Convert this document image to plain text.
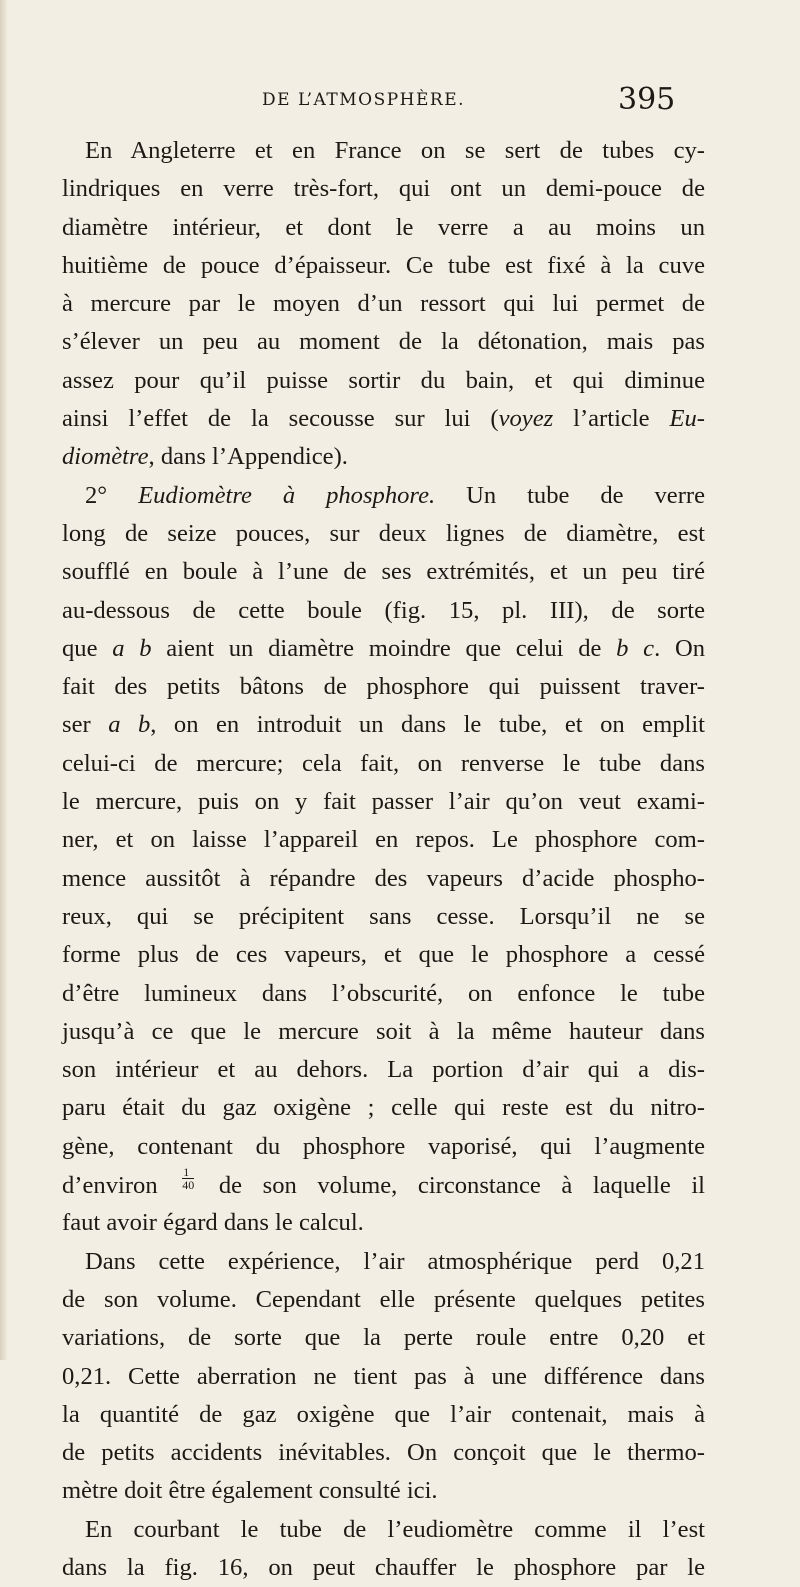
DE L’ATMOSPHÈRE.	395
En Angleterre et en France on se sert de tubes cy-
lindriques en verre très-fort, qui ont un demi-pouce de
diamètre intérieur, et dont le verre a au moins un
huitième de pouce d’épaisseur. Ce tube est fixé à la cuve
à mercure par le moyen d’un ressort qui lui permet de
s’élever un peu au moment de la détonation, mais pas
assez pour qu’il puisse sortir du bain, et qui diminue
ainsi l’effet de la secousse sur lui (voyez l’article Eu-
diomètre, dans l’Appendice).
2° Eudiomètre à phosphore. Un tube de verre
long de seize pouces, sur deux lignes de diamètre, est
soufflé en boule à l’une de ses extrémités, et un peu tiré
au-dessous de cette boule (fig. 15, pl. III), de sorte
que a b aient un diamètre moindre que celui de b c. On
fait des petits bâtons de phosphore qui puissent traver-
ser a b, on en introduit un dans le tube, et on emplit
celui-ci de mercure; cela fait, on renverse le tube dans
le mercure, puis on y fait passer l’air qu’on veut exami-
ner, et on laisse l’appareil en repos. Le phosphore com-
mence aussitôt à répandre des vapeurs d’acide phospho-
reux, qui se précipitent sans cesse. Lorsqu’il ne se
forme plus de ces vapeurs, et que le phosphore a cessé
d’être lumineux dans l’obscurité, on enfonce le tube
jusqu’à ce que le mercure soit à la même hauteur dans
son intérieur et au dehors. La portion d’air qui a dis-
paru était du gaz oxigène ; celle qui reste est du nitro-
gène, contenant du phosphore vaporisé, qui l’augmente
d’environ $\frac{1}{40}$ de son volume, circonstance à laquelle il
faut avoir égard dans le calcul.
Dans cette expérience, l’air atmosphérique perd 0,21
de son volume. Cependant elle présente quelques petites
variations, de sorte que la perte roule entre 0,20 et
0,21. Cette aberration ne tient pas à une différence dans
la quantité de gaz oxigène que l’air contenait, mais à
de petits accidents inévitables. On conçoit que le thermo-
mètre doit être également consulté ici.
En courbant le tube de l’eudiomètre comme il l’est
dans la fig. 16, on peut chauffer le phosphore par le
